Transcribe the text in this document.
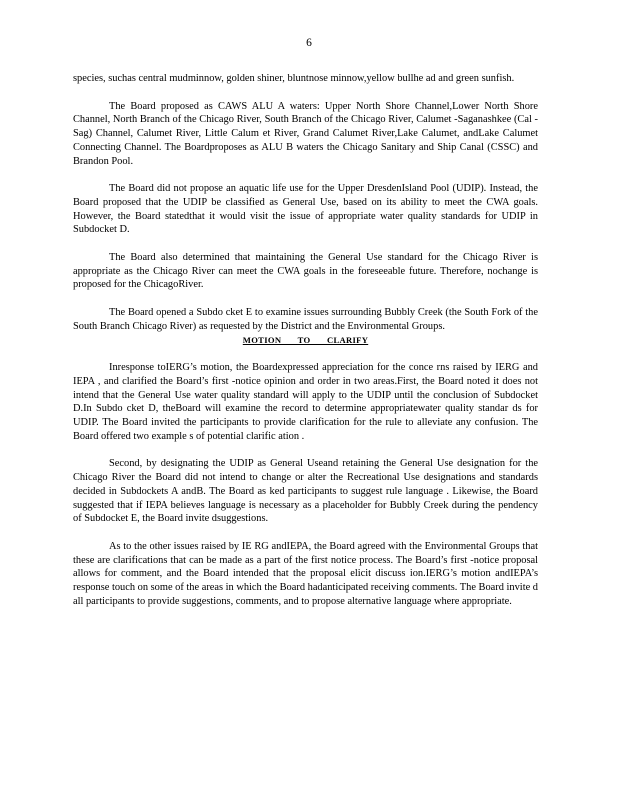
6

species, suchas central mudminnow, golden shiner, bluntnose minnow,yellow bullhe ad and green sunfish.

The Board proposed as CAWS ALU A waters: Upper North Shore Channel,Lower North Shore Channel, North Branch of the Chicago River, South Branch of the Chicago River, Calumet -Saganashkee (Cal -Sag) Channel, Calumet River, Little Calum et River, Grand Calumet River,Lake Calumet, andLake Calumet Connecting Channel. The Boardproposes as ALU B waters the Chicago Sanitary and Ship Canal (CSSC) and Brandon Pool.

The Board did not propose an aquatic life use for the Upper DresdenIsland Pool (UDIP). Instead, the Board proposed that the UDIP be classified as General Use, based on its ability to meet the CWA goals. However, the Board statedthat it would visit the issue of appropriate water quality standards for UDIP in Subdocket D.

The Board also determined that maintaining the General Use standard for the Chicago River is appropriate as the Chicago River can meet the CWA goals in the foreseeable future. Therefore, nochange is proposed for the ChicagoRiver.

The Board opened a Subdo cket E to examine issues surrounding Bubbly Creek (the South Fork of the South Branch Chicago River) as requested by the District and the Environmental Groups.

MOTION TO CLARIFY

Inresponse toIERG’s motion, the Boardexpressed appreciation for the conce rns raised by IERG and IEPA , and clarified the Board’s first -notice opinion and order in two areas.First, the Board noted it does not intend that the General Use water quality standard will apply to the UDIP until the conclusion of Subdocket D.In Subdo cket D, theBoard will examine the record to determine appropriatewater quality standar ds for UDIP. The Board invited the participants to provide clarification for the rule to alleviate any confusion. The Board offered two example s of potential clarific ation .

Second, by designating the UDIP as General Useand retaining the General Use designation for the Chicago River the Board did not intend to change or alter the Recreational Use designations and standards decided in Subdockets A andB. The Board as ked participants to suggest rule language . Likewise, the Board suggested that if IEPA believes language is necessary as a placeholder for Bubbly Creek during the pendency of Subdocket E, the Board invite dsuggestions.

As to the other issues raised by IE RG andIEPA, the Board agreed with the Environmental Groups that these are clarifications that can be made as a part of the first notice process. The Board’s first -notice proposal allows for comment, and the Board intended that the proposal elicit discuss ion.IERG’s motion andIEPA’s response touch on some of the areas in which the Board hadanticipated receiving comments. The Board invite d all participants to provide suggestions, comments, and to propose alternative language where appropriate.
